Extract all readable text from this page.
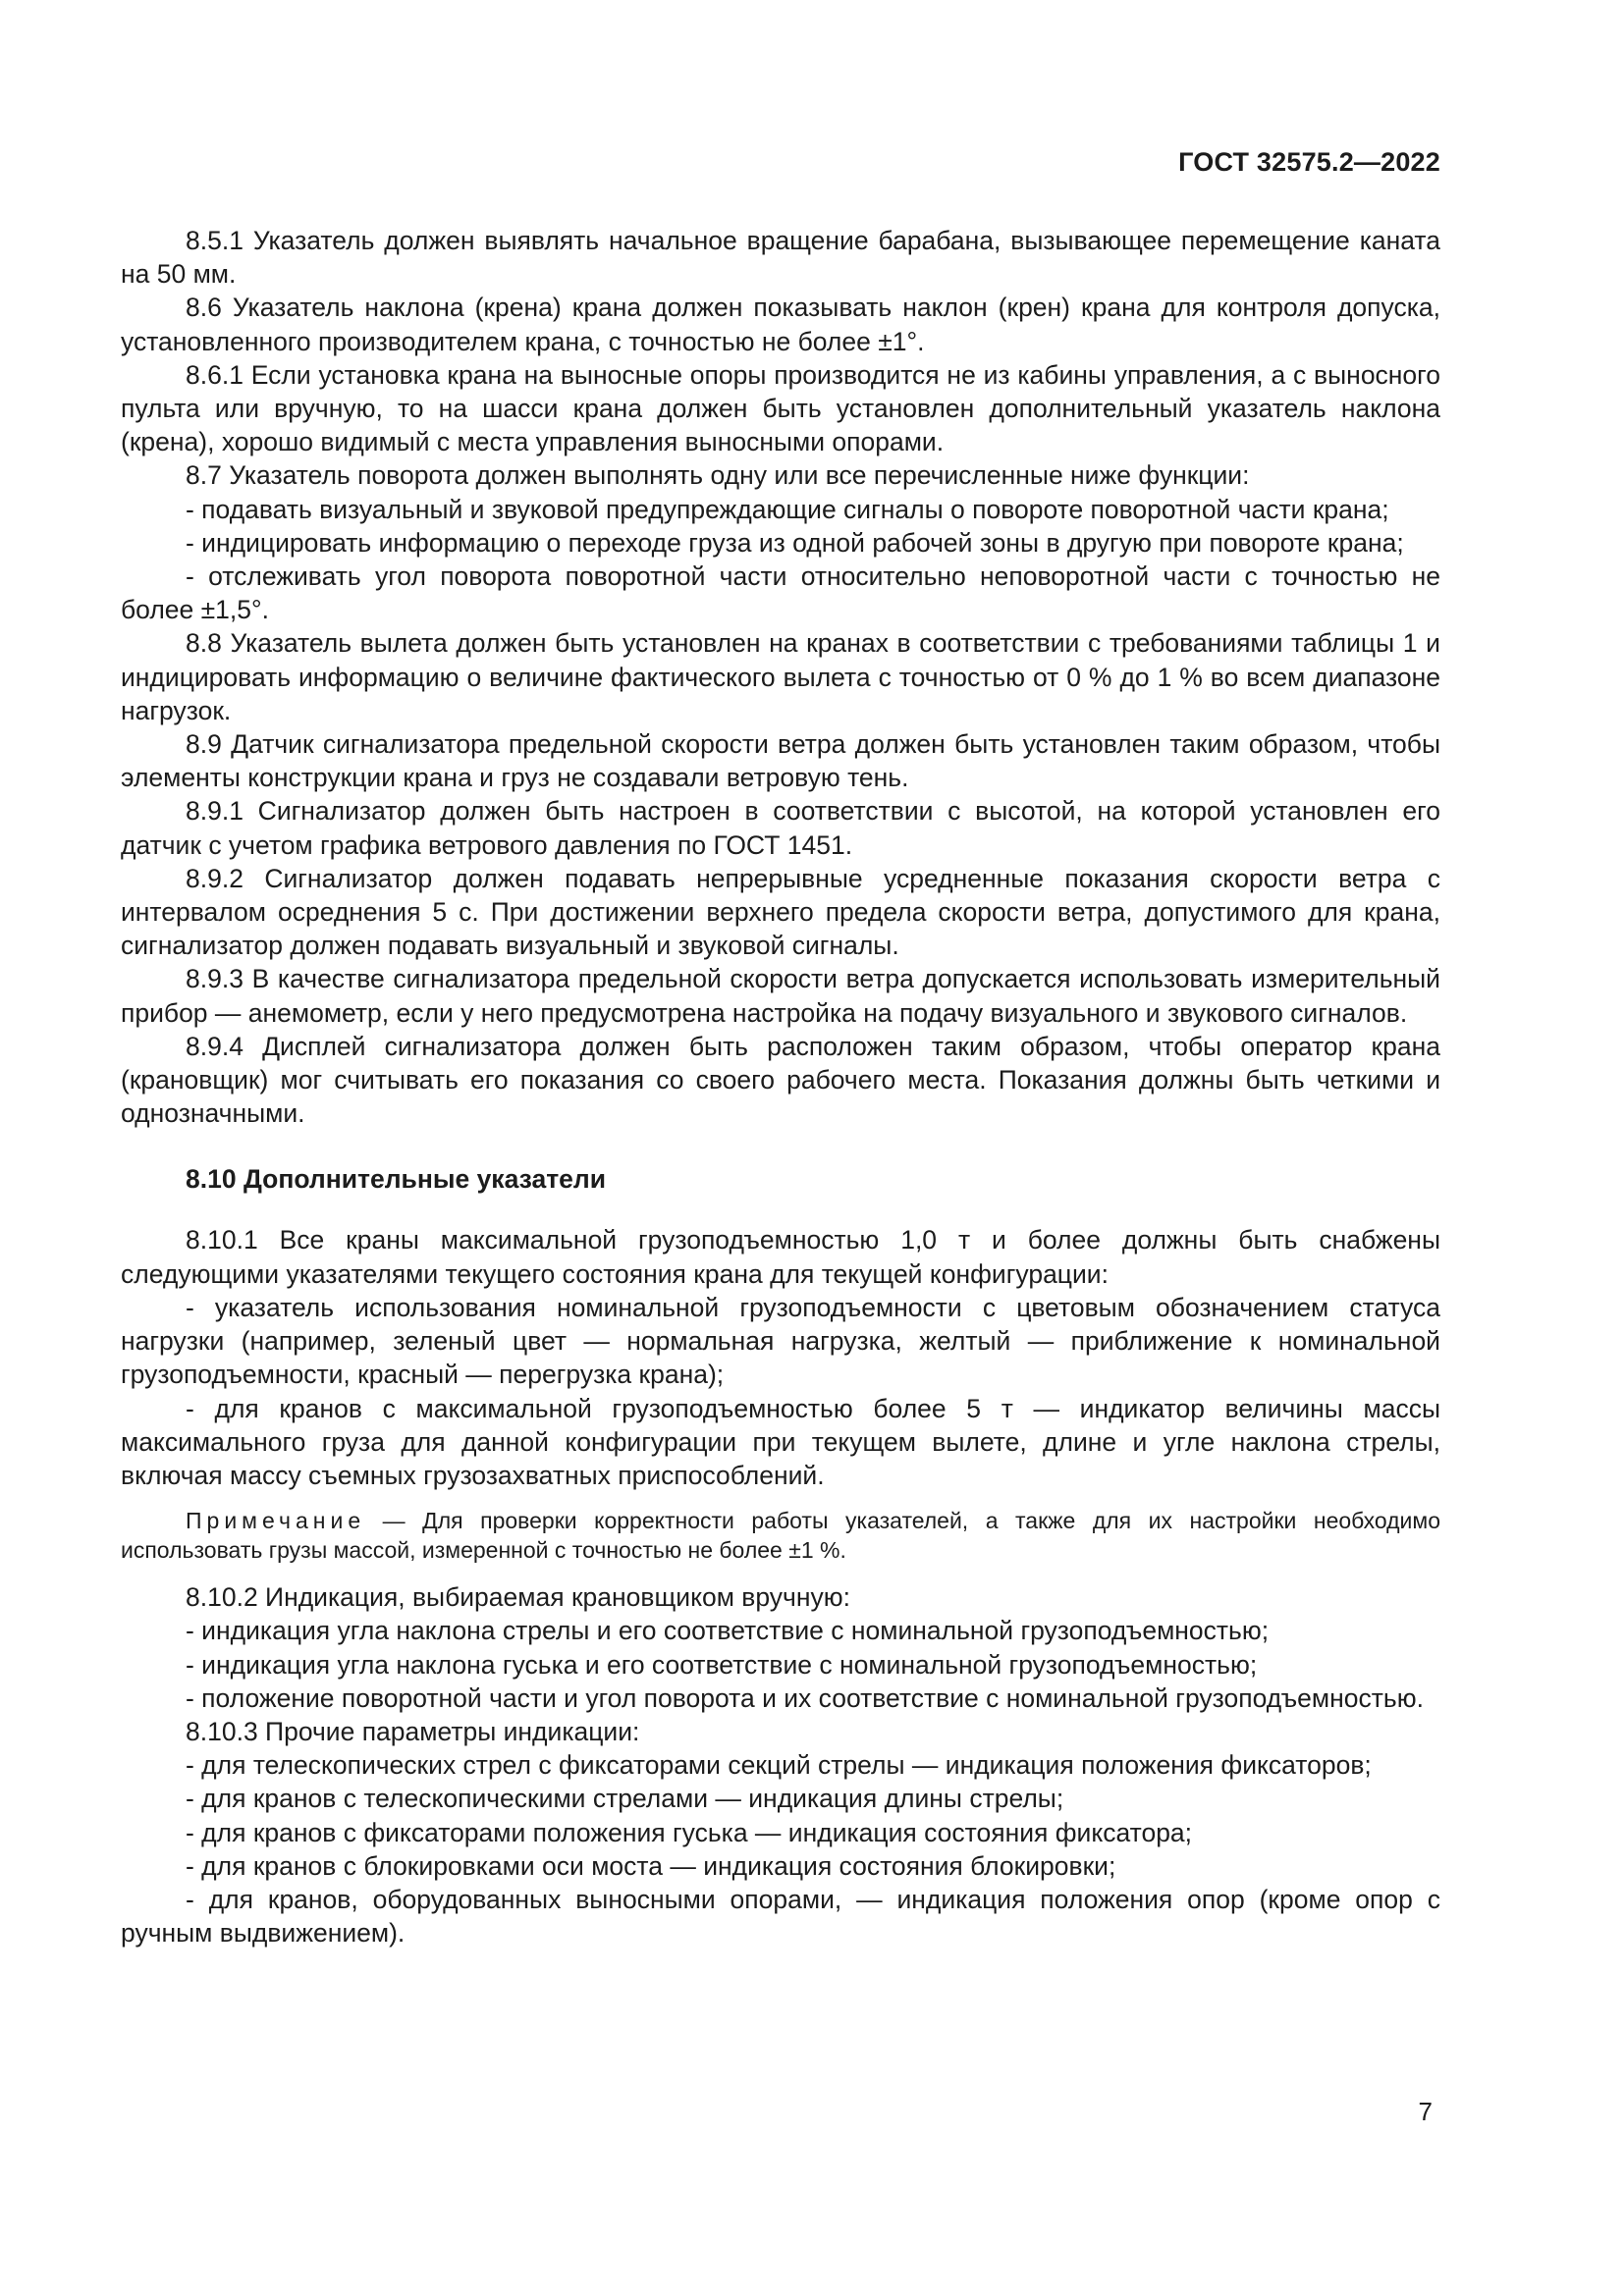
ГОСТ 32575.2—2022

8.5.1 Указатель должен выявлять начальное вращение барабана, вызывающее перемещение каната на 50 мм.

8.6 Указатель наклона (крена) крана должен показывать наклон (крен) крана для контроля допуска, установленного производителем крана, с точностью не более ±1°.

8.6.1 Если установка крана на выносные опоры производится не из кабины управления, а с выносного пульта или вручную, то на шасси крана должен быть установлен дополнительный указатель наклона (крена), хорошо видимый с места управления выносными опорами.

8.7 Указатель поворота должен выполнять одну или все перечисленные ниже функции:

- подавать визуальный и звуковой предупреждающие сигналы о повороте поворотной части крана;

- индицировать информацию о переходе груза из одной рабочей зоны в другую при повороте крана;

- отслеживать угол поворота поворотной части относительно неповоротной части с точностью не более ±1,5°.

8.8 Указатель вылета должен быть установлен на кранах в соответствии с требованиями таблицы 1 и индицировать информацию о величине фактического вылета с точностью от 0 % до 1 % во всем диапазоне нагрузок.

8.9 Датчик сигнализатора предельной скорости ветра должен быть установлен таким образом, чтобы элементы конструкции крана и груз не создавали ветровую тень.

8.9.1 Сигнализатор должен быть настроен в соответствии с высотой, на которой установлен его датчик с учетом графика ветрового давления по ГОСТ 1451.

8.9.2 Сигнализатор должен подавать непрерывные усредненные показания скорости ветра с интервалом осреднения 5 с. При достижении верхнего предела скорости ветра, допустимого для крана, сигнализатор должен подавать визуальный и звуковой сигналы.

8.9.3 В качестве сигнализатора предельной скорости ветра допускается использовать измерительный прибор — анемометр, если у него предусмотрена настройка на подачу визуального и звукового сигналов.

8.9.4 Дисплей сигнализатора должен быть расположен таким образом, чтобы оператор крана (крановщик) мог считывать его показания со своего рабочего места. Показания должны быть четкими и однозначными.

8.10 Дополнительные указатели

8.10.1 Все краны максимальной грузоподъемностью 1,0 т и более должны быть снабжены следующими указателями текущего состояния крана для текущей конфигурации:

- указатель использования номинальной грузоподъемности с цветовым обозначением статуса нагрузки (например, зеленый цвет — нормальная нагрузка, желтый — приближение к номинальной грузоподъемности, красный — перегрузка крана);

- для кранов с максимальной грузоподъемностью более 5 т — индикатор величины массы максимального груза для данной конфигурации при текущем вылете, длине и угле наклона стрелы, включая массу съемных грузозахватных приспособлений.

Примечание — Для проверки корректности работы указателей, а также для их настройки необходимо использовать грузы массой, измеренной с точностью не более ±1 %.

8.10.2 Индикация, выбираемая крановщиком вручную:

- индикация угла наклона стрелы и его соответствие с номинальной грузоподъемностью;

- индикация угла наклона гуська и его соответствие с номинальной грузоподъемностью;

- положение поворотной части и угол поворота и их соответствие с номинальной грузоподъемностью.

8.10.3 Прочие параметры индикации:

- для телескопических стрел с фиксаторами секций стрелы — индикация положения фиксаторов;

- для кранов с телескопическими стрелами — индикация длины стрелы;

- для кранов с фиксаторами положения гуська — индикация состояния фиксатора;

- для кранов с блокировками оси моста — индикация состояния блокировки;

- для кранов, оборудованных выносными опорами, — индикация положения опор (кроме опор с ручным выдвижением).

7
